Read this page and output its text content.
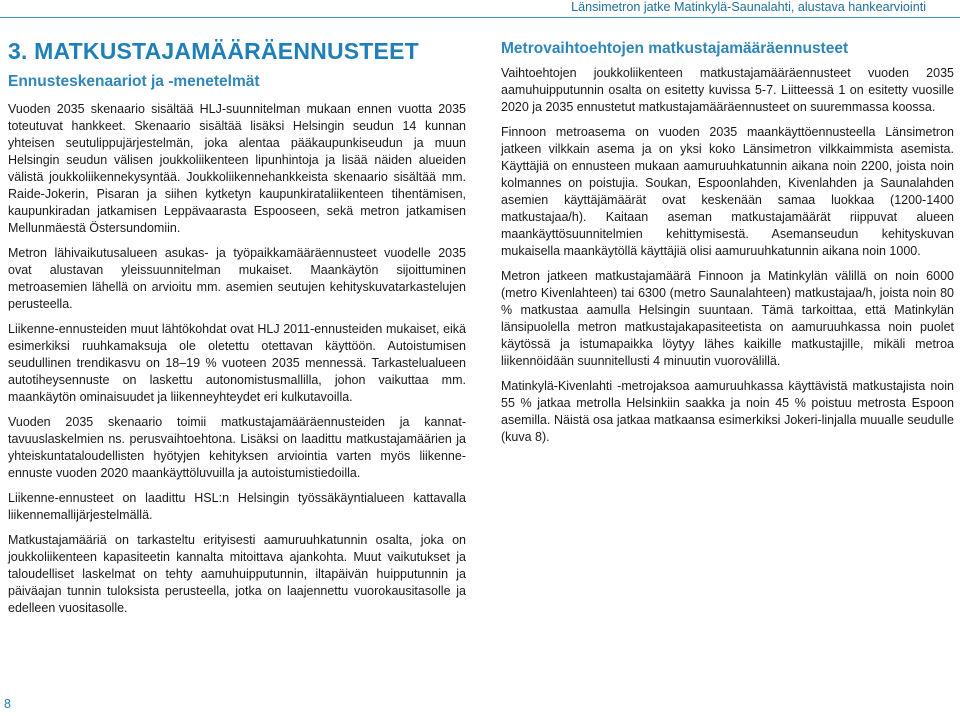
Länsimetron jatke Matinkylä-Saunalahti, alustava hankearviointi
3. MATKUSTAJAMÄÄRÄENNUSTEET
Ennusteskenaariot ja -menetelmät

Vuoden 2035 skenaario sisältää HLJ-suunnitelman mukaan ennen vuotta 2035 toteutuvat hankkeet. Skenaario sisältää lisäksi Helsingin seudun 14 kunnan yhteisen seutulippujärjestelmän, joka alentaa pääkaupunkiseudun ja muun Helsingin seudun välisen joukkoliikenteen lipunhintoja ja lisää näiden alueiden välistä joukkoliikennekysyntää. Joukkoliikennehankkeista skenaario sisältää mm. Raide-Jokerin, Pisaran ja siihen kytketyn kaupunkirataliikenteen tihentämisen, kaupunkiradan jatkamisen Leppävaarasta Espooseen, sekä metron jatkamisen Mellunmäestä Östersundomiin.

Metron lähivaikutusalueen asukas- ja työpaikkamääräennusteet vuodelle 2035 ovat alustavan yleissuunnitelman mukaiset. Maankäytön sijoittuminen metroasemien lähellä on arvioitu mm. asemien seutujen kehityskuvatarkastelujen perusteella.

Liikenne-ennusteiden muut lähtökohdat ovat HLJ 2011-ennusteiden mukaiset, eikä esimerkiksi ruuhkamaksuja ole oletettu otettavan käyttöön. Autoistumisen seudullinen trendikasvu on 18–19 % vuoteen 2035 mennessä. Tarkastelualueen autotiheysennuste on laskettu autonomistusmallilla, johon vaikuttaa mm. maankäytön ominaisuudet ja liikenneyhteydet eri kulkutavoilla.

Vuoden 2035 skenaario toimii matkustajamääräennusteiden ja kannattavuuslaskelmien ns. perusvaihtoehtona. Lisäksi on laadittu matkustajamäärien ja yhteiskuntataloudellisten hyötyjen kehityksen arviointia varten myös liikenne-ennuste vuoden 2020 maankäyttöluvuilla ja autoistumistiedoilla.

Liikenne-ennusteet on laadittu HSL:n Helsingin työssäkäyntialueen kattavalla liikennemallijärjestelmällä.

Matkustajamääriä on tarkasteltu erityisesti aamuruuhkatunnin osalta, joka on joukkoliikenteen kapasiteetin kannalta mitoittava ajankohta. Muut vaikutukset ja taloudelliset laskelmat on tehty aamuhuipputunnin, iltapäivän huipputunnin ja päiväajan tunnin tuloksista perusteella, jotka on laajennettu vuorokausitasolle ja edelleen vuositasolle.

Metrovaihtoehtojen matkustajamääräennusteet

Vaihtoehtojen joukkoliikenteen matkustajamääräennusteet vuoden 2035 aamuhuipputunnin osalta on esitetty kuvissa 5-7. Liitteessä 1 on esitetty vuosille 2020 ja 2035 ennustetut matkustajamääräennusteet on suuremmassa koossa.

Finnoon metroasema on vuoden 2035 maankäyttöennusteella Länsimetron jatkeen vilkkain asema ja on yksi koko Länsimetron vilkkaimmista asemista. Käyttäjiä on ennusteen mukaan aamuruuhkatunnin aikana noin 2200, joista noin kolmannes on poistujia. Soukan, Espoonlahden, Kivenlahden ja Saunalahden asemien käyttäjämäärät ovat keskenään samaa luokkaa (1200-1400 matkustajaa/h). Kaitaan aseman matkustajamäärät riippuvat alueen maankäyttösuunnitelmien kehittymisestä. Asemanseudun kehityskuvan mukaisella maankäytöllä käyttäjiä olisi aamuruuhkatunnin aikana noin 1000.

Metron jatkeen matkustajamäärä Finnoon ja Matinkylän välillä on noin 6000 (metro Kivenlahteen) tai 6300 (metro Saunalahteen) matkustajaa/h, joista noin 80 % matkustaa aamulla Helsingin suuntaan. Tämä tarkoittaa, että Matinkylän länsipuolella metron matkustajakapasiteetista on aamuruuhkassa noin puolet käytössä ja istumapaikka löytyy lähes kaikille matkustajille, mikäli metroa liikennöidään suunnitellusti 4 minuutin vuorovälillä.

Matinkylä-Kivenlahti -metrojaksoa aamuruuhkassa käyttävistä matkustajista noin 55 % jatkaa metrolla Helsinkiin saakka ja noin 45 % poistuu metrosta Espoon asemilla. Näistä osa jatkaa matkaansa esimerkiksi Jokeri-linjalla muualle seudulle (kuva 8).

8
